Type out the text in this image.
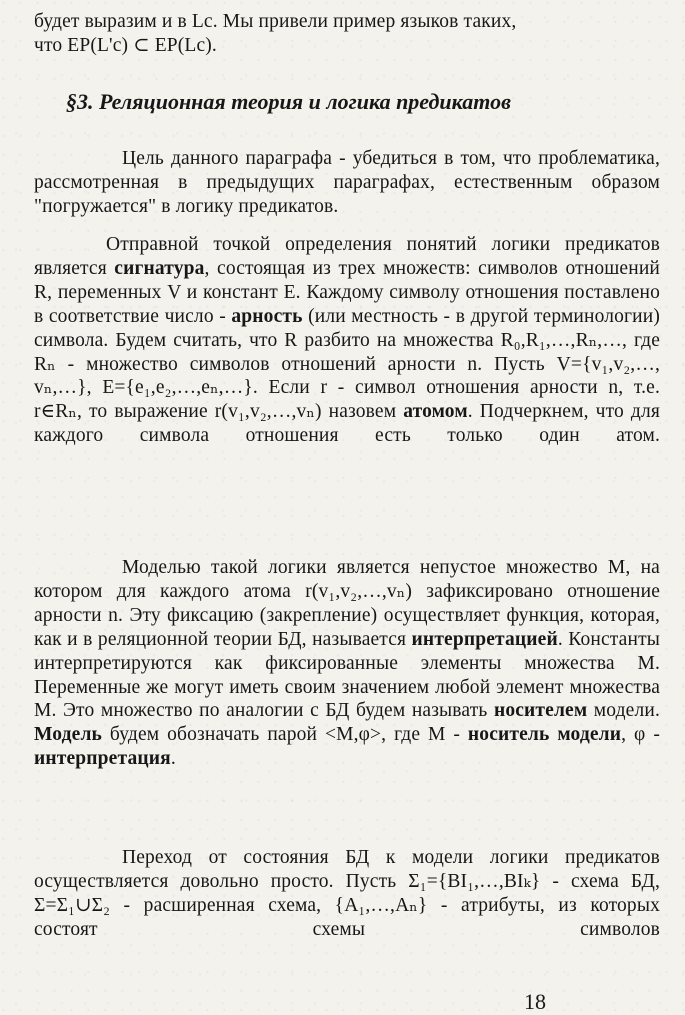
будет выразим и в Lc. Мы привели пример языков таких,
что EP(L'c) ⊂ EP(Lc).
§3. Реляционная теория и логика предикатов
Цель данного параграфа - убедиться в том, что проблематика, рассмотренная в предыдущих параграфах, естественным образом "погружается" в логику предикатов.
Отправной точкой определения понятий логики предикатов является сигнатура, состоящая из трех множеств: символов отношений R, переменных V и констант E. Каждому символу отношения поставлено в соответствие число - арность (или местность - в другой терминологии) символа. Будем считать, что R разбито на множества R₀,R₁,…,Rₙ,…, где Rₙ - множество символов отношений арности n. Пусть V={v₁,v₂,…, vₙ,…}, E={e₁,e₂,…,eₙ,…}. Если r - символ отношения арности n, т.е. r∈Rₙ, то выражение r(v₁,v₂,…,vₙ) назовем атомом. Подчеркнем, что для каждого символа отношения есть только один атом.
Моделью такой логики является непустое множество M, на котором для каждого атома r(v₁,v₂,…,vₙ) зафиксировано отношение арности n. Эту фиксацию (закрепление) осуществляет функция, которая, как и в реляционной теории БД, называется интерпретацией. Константы интерпретируются как фиксированные элементы множества M. Переменные же могут иметь своим значением любой элемент множества M. Это множество по аналогии с БД будем называть носителем модели. Модель будем обозначать парой <M,φ>, где M - носитель модели, φ - интерпретация.
Переход от состояния БД к модели логики предикатов осуществляется довольно просто. Пусть Σ₁={BI₁,…,BIₖ} - схема БД, Σ=Σ₁∪Σ₂ - расширенная схема, {A₁,…,Aₙ} - атрибуты, из которых состоят схемы символов
18
